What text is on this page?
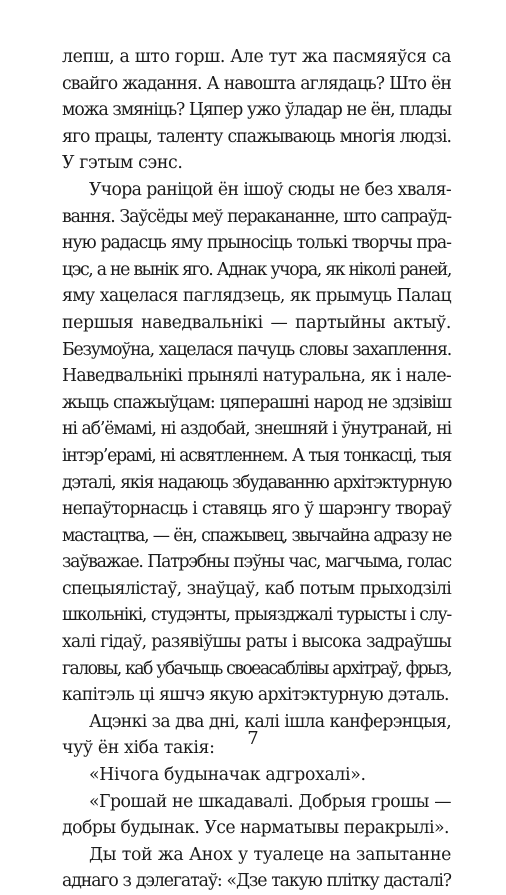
лепш, а што горш. Але тут жа пасмяяўся са
свайго жадання. А навошта аглядаць? Што ён
можа змяніць? Цяпер ужо ўладар не ён, плады
яго працы, таленту спажываюць многія людзі.
У гэтым сэнс.
Учора раніцой ён ішоў сюды не без хваля-
вання. Заўсёды меў перакананне, што сапраўд-
ную радасць яму прыносіць толькі творчы пра-
цэс, а не вынік яго. Аднак учора, як ніколі раней,
яму хацелася паглядзець, як прымуць Палац
першыя наведвальнікі — партыйны актыў.
Безумоўна, хацелася пачуць словы захаплення.
Наведвальнікі прынялі натуральна, як і нале-
жыць спажыўцам: цяперашні народ не здзівіш
ні аб’ёмамі, ні аздобай, знешняй і ўнутранай, ні
інтэр’ерамі, ні асвятленнем. А тыя тонкасці, тыя
дэталі, якія надаюць збудаванню архітэктурную
непаўторнасць і ставяць яго ў шарэнгу твораў
мастацтва, — ён, спажывец, звычайна адразу не
заўважае. Патрэбны пэўны час, магчыма, голас
спецыялістаў, знаўцаў, каб потым прыходзілі
школьнікі, студэнты, прыязджалі турысты і слу-
халі гідаў, разявіўшы раты і высока задраўшы
галовы, каб убачыць своеасаблівы архітраў, фрыз,
капітэль ці яшчэ якую архітэктурную дэталь.
Ацэнкі за два дні, калі ішла канферэнцыя,
чуў ён хіба такія:
«Нічога будыначак адгрохалі».
«Грошай не шкадавалі. Добрыя грошы —
добры будынак. Усе нарматывы перакрылі».
Ды той жа Анох у туалеце на запытанне
аднаго з дэлегатаў: «Дзе такую плітку дасталі?
7
